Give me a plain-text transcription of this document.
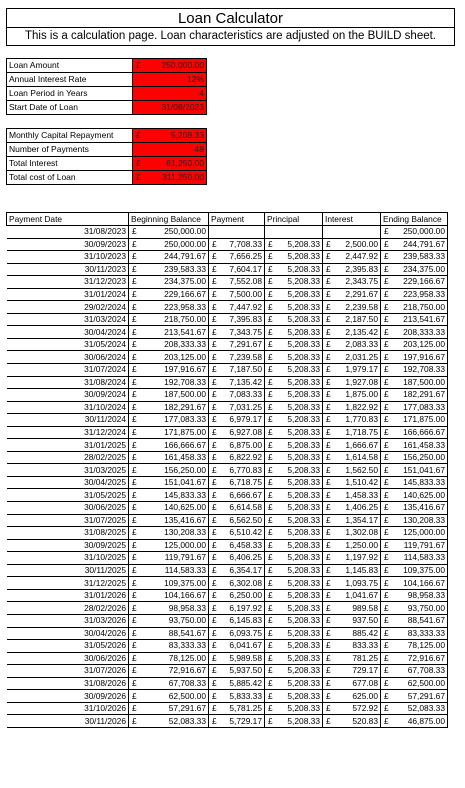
Loan Calculator
This is a calculation page. Loan characteristics are adjusted on the BUILD sheet.
Loan Amount	£ 250,000.00
Annual Interest Rate	12%
Loan Period in Years	4
Start Date of Loan	31/08/2023
Monthly Capital Repayment	£ 5,208.33
Number of Payments	48
Total Interest	£ 61,250.00
Total cost of Loan	£ 311,250.00
Payment Date	Beginning Balance	Payment	Principal	Interest	Ending Balance
31/08/2023	£ 250,000.00				£ 250,000.00
30/09/2023	£ 250,000.00	£ 7,708.33	£ 5,208.33	£ 2,500.00	£ 244,791.67
31/10/2023	£ 244,791.67	£ 7,656.25	£ 5,208.33	£ 2,447.92	£ 239,583.33
30/11/2023	£ 239,583.33	£ 7,604.17	£ 5,208.33	£ 2,395.83	£ 234,375.00
31/12/2023	£ 234,375.00	£ 7,552.08	£ 5,208.33	£ 2,343.75	£ 229,166.67
31/01/2024	£ 229,166.67	£ 7,500.00	£ 5,208.33	£ 2,291.67	£ 223,958.33
29/02/2024	£ 223,958.33	£ 7,447.92	£ 5,208.33	£ 2,239.58	£ 218,750.00
31/03/2024	£ 218,750.00	£ 7,395.83	£ 5,208.33	£ 2,187.50	£ 213,541.67
30/04/2024	£ 213,541.67	£ 7,343.75	£ 5,208.33	£ 2,135.42	£ 208,333.33
31/05/2024	£ 208,333.33	£ 7,291.67	£ 5,208.33	£ 2,083.33	£ 203,125.00
30/06/2024	£ 203,125.00	£ 7,239.58	£ 5,208.33	£ 2,031.25	£ 197,916.67
31/07/2024	£ 197,916.67	£ 7,187.50	£ 5,208.33	£ 1,979.17	£ 192,708.33
31/08/2024	£ 192,708.33	£ 7,135.42	£ 5,208.33	£ 1,927.08	£ 187,500.00
30/09/2024	£ 187,500.00	£ 7,083.33	£ 5,208.33	£ 1,875.00	£ 182,291.67
31/10/2024	£ 182,291.67	£ 7,031.25	£ 5,208.33	£ 1,822.92	£ 177,083.33
30/11/2024	£ 177,083.33	£ 6,979.17	£ 5,208.33	£ 1,770.83	£ 171,875.00
31/12/2024	£ 171,875.00	£ 6,927.08	£ 5,208.33	£ 1,718.75	£ 166,666.67
31/01/2025	£ 166,666.67	£ 6,875.00	£ 5,208.33	£ 1,666.67	£ 161,458.33
28/02/2025	£ 161,458.33	£ 6,822.92	£ 5,208.33	£ 1,614.58	£ 156,250.00
31/03/2025	£ 156,250.00	£ 6,770.83	£ 5,208.33	£ 1,562.50	£ 151,041.67
30/04/2025	£ 151,041.67	£ 6,718.75	£ 5,208.33	£ 1,510.42	£ 145,833.33
31/05/2025	£ 145,833.33	£ 6,666.67	£ 5,208.33	£ 1,458.33	£ 140,625.00
30/06/2025	£ 140,625.00	£ 6,614.58	£ 5,208.33	£ 1,406.25	£ 135,416.67
31/07/2025	£ 135,416.67	£ 6,562.50	£ 5,208.33	£ 1,354.17	£ 130,208.33
31/08/2025	£ 130,208.33	£ 6,510.42	£ 5,208.33	£ 1,302.08	£ 125,000.00
30/09/2025	£ 125,000.00	£ 6,458.33	£ 5,208.33	£ 1,250.00	£ 119,791.67
31/10/2025	£ 119,791.67	£ 6,406.25	£ 5,208.33	£ 1,197.92	£ 114,583.33
30/11/2025	£ 114,583.33	£ 6,354.17	£ 5,208.33	£ 1,145.83	£ 109,375.00
31/12/2025	£ 109,375.00	£ 6,302.08	£ 5,208.33	£ 1,093.75	£ 104,166.67
31/01/2026	£ 104,166.67	£ 6,250.00	£ 5,208.33	£ 1,041.67	£ 98,958.33
28/02/2026	£ 98,958.33	£ 6,197.92	£ 5,208.33	£ 989.58	£ 93,750.00
31/03/2026	£ 93,750.00	£ 6,145.83	£ 5,208.33	£ 937.50	£ 88,541.67
30/04/2026	£ 88,541.67	£ 6,093.75	£ 5,208.33	£ 885.42	£ 83,333.33
31/05/2026	£ 83,333.33	£ 6,041.67	£ 5,208.33	£ 833.33	£ 78,125.00
30/06/2026	£ 78,125.00	£ 5,989.58	£ 5,208.33	£ 781.25	£ 72,916.67
31/07/2026	£ 72,916.67	£ 5,937.50	£ 5,208.33	£ 729.17	£ 67,708.33
31/08/2026	£ 67,708.33	£ 5,885.42	£ 5,208.33	£ 677.08	£ 62,500.00
30/09/2026	£ 62,500.00	£ 5,833.33	£ 5,208.33	£ 625.00	£ 57,291.67
31/10/2026	£ 57,291.67	£ 5,781.25	£ 5,208.33	£ 572.92	£ 52,083.33
30/11/2026	£ 52,083.33	£ 5,729.17	£ 5,208.33	£ 520.83	£ 46,875.00
